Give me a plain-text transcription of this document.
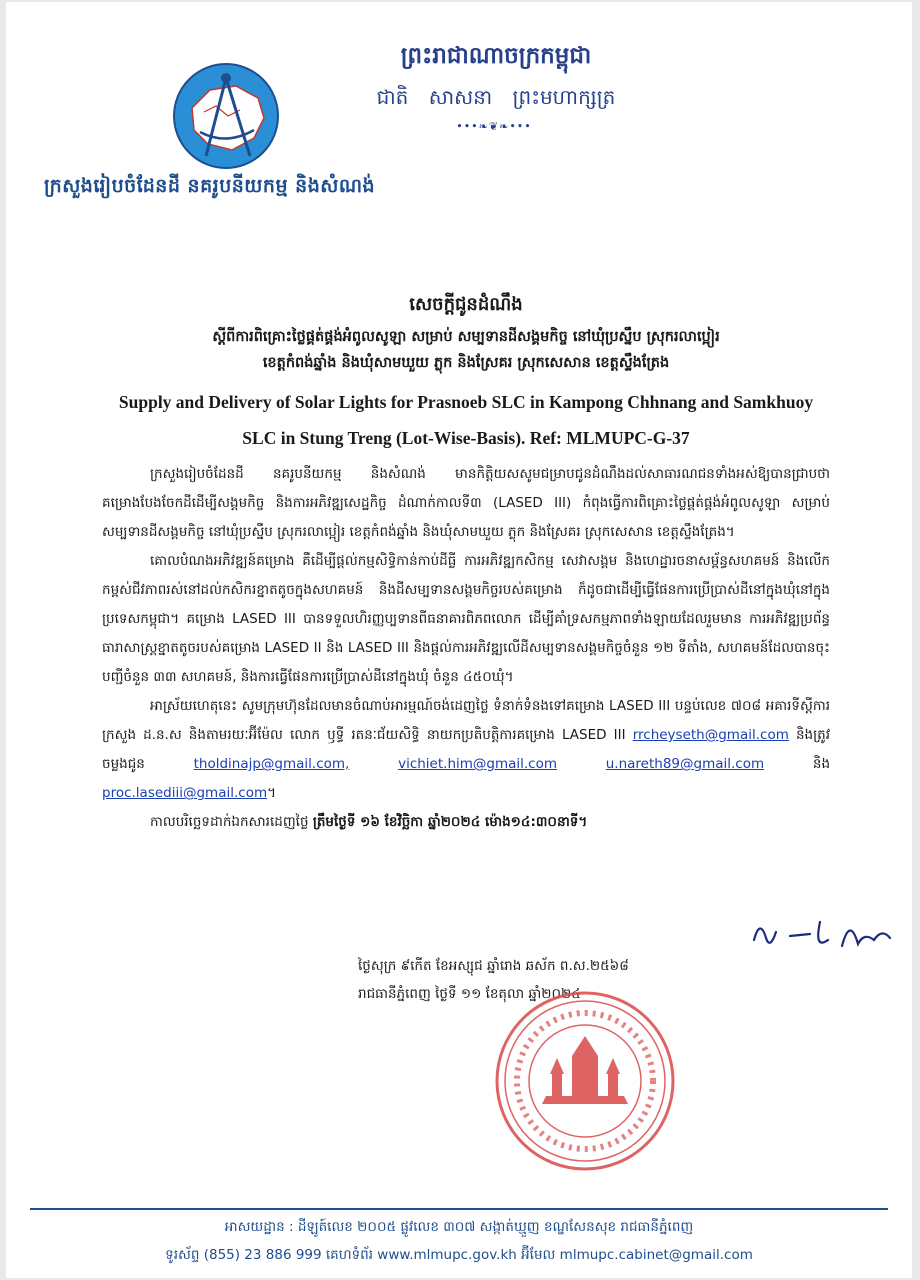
ក្រសួងរៀបចំដែនដី នគរូបនីយកម្ម និងសំណង់
ព្រះរាជាណាចក្រកម្ពុជា
ជាតិ សាសនា ព្រះមហាក្សត្រ
•••❧❦❧•••
សេចក្ដីជូនដំណឹង
ស្ដីពីការពិគ្រោះថ្លៃផ្គត់ផ្គង់អំពូលសូឡា សម្រាប់ សម្បទានដីសង្គមកិច្ច នៅឃុំប្រស្នឹប ស្រុករលាប្អៀរ
ខេត្តកំពង់ឆ្នាំង និងឃុំសាមឃួយ ភ្លុក និងស្រែគរ ស្រុកសេសាន ខេត្តស្ទឹងត្រែង
Supply and Delivery of Solar Lights for Prasnoeb SLC in Kampong Chhnang and Samkhuoy
SLC in Stung Treng (Lot-Wise-Basis). Ref: MLMUPC-G-37

ក្រសួងរៀបចំដែនដី នគរូបនីយកម្ម និងសំណង់ មានកិត្តិយសសូមជម្រាបជូនដំណឹងដល់សាធារណជនទាំងអស់ឱ្យបានជ្រាបថា គម្រោងបែងចែកដីដើម្បីសង្គមកិច្ច និងការអភិវឌ្ឍសេដ្ឋកិច្ច ដំណាក់កាលទី៣ (LASED III) កំពុងធ្វើការពិគ្រោះថ្លៃផ្គត់ផ្គង់អំពូលសូឡា សម្រាប់សម្បទានដីសង្គមកិច្ច នៅឃុំប្រស្នឹប ស្រុករលាប្អៀរ ខេត្តកំពង់ឆ្នាំង និងឃុំសាមឃួយ ភ្លុក និងស្រែគរ ស្រុកសេសាន ខេត្តស្ទឹងត្រែង។

គោលបំណងអភិវឌ្ឍន៍គម្រោង គឺដើម្បីផ្ដល់កម្មសិទ្ធិកាន់កាប់ដីធ្លី ការអភិវឌ្ឍកសិកម្ម សេវាសង្គម និងហេដ្ឋារចនាសម្ព័ន្ធសហគមន៍ និងលើកកម្ពស់ជីវភាពរស់នៅដល់កសិករខ្នាតតូចក្នុងសហគមន៍ និងដីសម្បទានសង្គមកិច្ចរបស់គម្រោង ក៏ដូចជាដើម្បីធ្វើផែនការប្រើប្រាស់ដីនៅក្នុងឃុំនៅក្នុងប្រទេសកម្ពុជា។ គម្រោង LASED III បានទទួលហិរញ្ញប្បទានពីធនាគារពិភពលោក ដើម្បីគាំទ្រសកម្មភាពទាំងឡាយដែលរួមមាន ការអភិវឌ្ឍប្រព័ន្ធធារាសាស្ត្រខ្នាតតូចរបស់គម្រោង LASED II និង LASED III និងផ្ដល់ការអភិវឌ្ឍលើដីសម្បទានសង្គមកិច្ចចំនួន ១២ ទីតាំង, សហគមន៍ដែលបានចុះបញ្ជីចំនួន ៣៣ សហគមន៍, និងការធ្វើផែនការប្រើប្រាស់ដីនៅក្នុងឃុំ ចំនួន ៤៥០ឃុំ។

អាស្រ័យហេតុនេះ សូមក្រុមហ៊ុនដែលមានចំណាប់អារម្មណ៍ចង់ដេញថ្លៃ ទំនាក់ទំនងទៅគម្រោង LASED III បន្ទប់លេខ ៧០៨ អគារទីស្ដីការក្រសួង ដ.ន.ស និងតាមរយៈអ៊ីម៉ែល លោក ឫទ្ធី រតនៈជ័យសិទ្ធិ នាយកប្រតិបត្តិការគម្រោង LASED III rrcheyseth@gmail.com និងត្រូវចម្លងជូន	tholdinajp@gmail.com,	vichiet.him@gmail.com	u.nareth89@gmail.com	និង proc.lasediii@gmail.com។

កាលបរិច្ឆេទដាក់ឯកសារដេញថ្លៃ ត្រឹមថ្ងៃទី ១៦ ខែវិច្ឆិកា ឆ្នាំ២០២៤ ម៉ោង១៤:៣០នាទី។

ថ្ងៃសុក្រ ៩កើត ខែអស្សុជ ឆ្នាំរោង ឆស័ក ព.ស.២៥៦៨
រាជធានីភ្នំពេញ ថ្ងៃទី ១១ ខែតុលា ឆ្នាំ២០២៤
អាសយដ្ឋាន : ដីឡូត៍លេខ ២០០៥ ផ្លូវលេខ ៣០៧ សង្កាត់ឃ្មួញ ខណ្ឌសែនសុខ រាជធានីភ្នំពេញ
ទូរស័ព្ទ (855) 23 886 999 គេហទំព័រ www.mlmupc.gov.kh អ៊ីមែល mlmupc.cabinet@gmail.com
